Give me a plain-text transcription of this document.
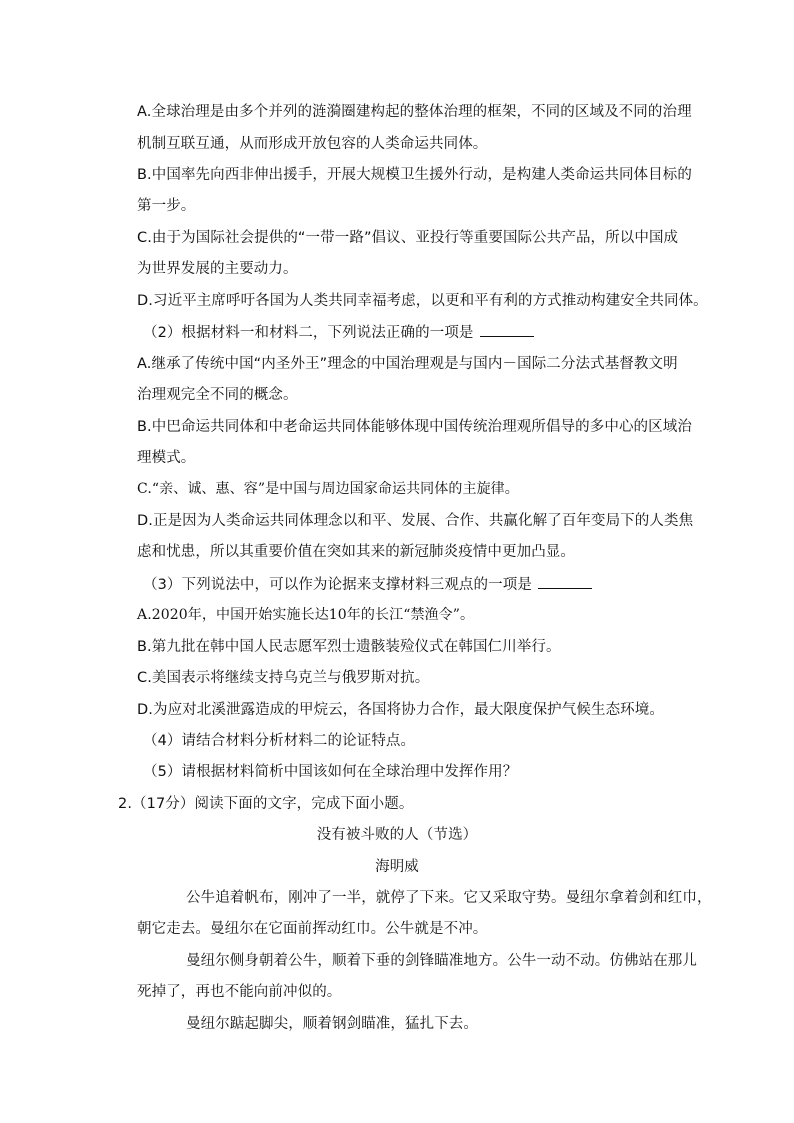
A.全球治理是由多个并列的涟漪圈建构起的整体治理的框架，不同的区域及不同的治理
机制互联互通，从而形成开放包容的人类命运共同体。
B.中国率先向西非伸出援手，开展大规模卫生援外行动，是构建人类命运共同体目标的
第一步。
C.由于为国际社会提供的“一带一路”倡议、亚投行等重要国际公共产品，所以中国成
为世界发展的主要动力。
D.习近平主席呼吁各国为人类共同幸福考虑，以更和平有利的方式推动构建安全共同体。
（2）根据材料一和材料二，下列说法正确的一项是
A.继承了传统中国“内圣外王”理念的中国治理观是与国内－国际二分法式基督教文明
治理观完全不同的概念。
B.中巴命运共同体和中老命运共同体能够体现中国传统治理观所倡导的多中心的区域治
理模式。
C.“亲、诚、惠、容”是中国与周边国家命运共同体的主旋律。
D.正是因为人类命运共同体理念以和平、发展、合作、共赢化解了百年变局下的人类焦
虑和忧患，所以其重要价值在突如其来的新冠肺炎疫情中更加凸显。
（3）下列说法中，可以作为论据来支撑材料三观点的一项是
A.2020年，中国开始实施长达10年的长江“禁渔令”。
B.第九批在韩中国人民志愿军烈士遗骸装殓仪式在韩国仁川举行。
C.美国表示将继续支持乌克兰与俄罗斯对抗。
D.为应对北溪泄露造成的甲烷云，各国将协力合作，最大限度保护气候生态环境。
（4）请结合材料分析材料二的论证特点。
（5）请根据材料简析中国该如何在全球治理中发挥作用？
2.（17分）阅读下面的文字，完成下面小题。
没有被斗败的人（节选）
海明威
公牛追着帆布，刚冲了一半，就停了下来。它又采取守势。曼纽尔拿着剑和红巾，
朝它走去。曼纽尔在它面前挥动红巾。公牛就是不冲。
曼纽尔侧身朝着公牛，顺着下垂的剑锋瞄准地方。公牛一动不动。仿佛站在那儿
死掉了，再也不能向前冲似的。
曼纽尔踮起脚尖，顺着钢剑瞄准，猛扎下去。
